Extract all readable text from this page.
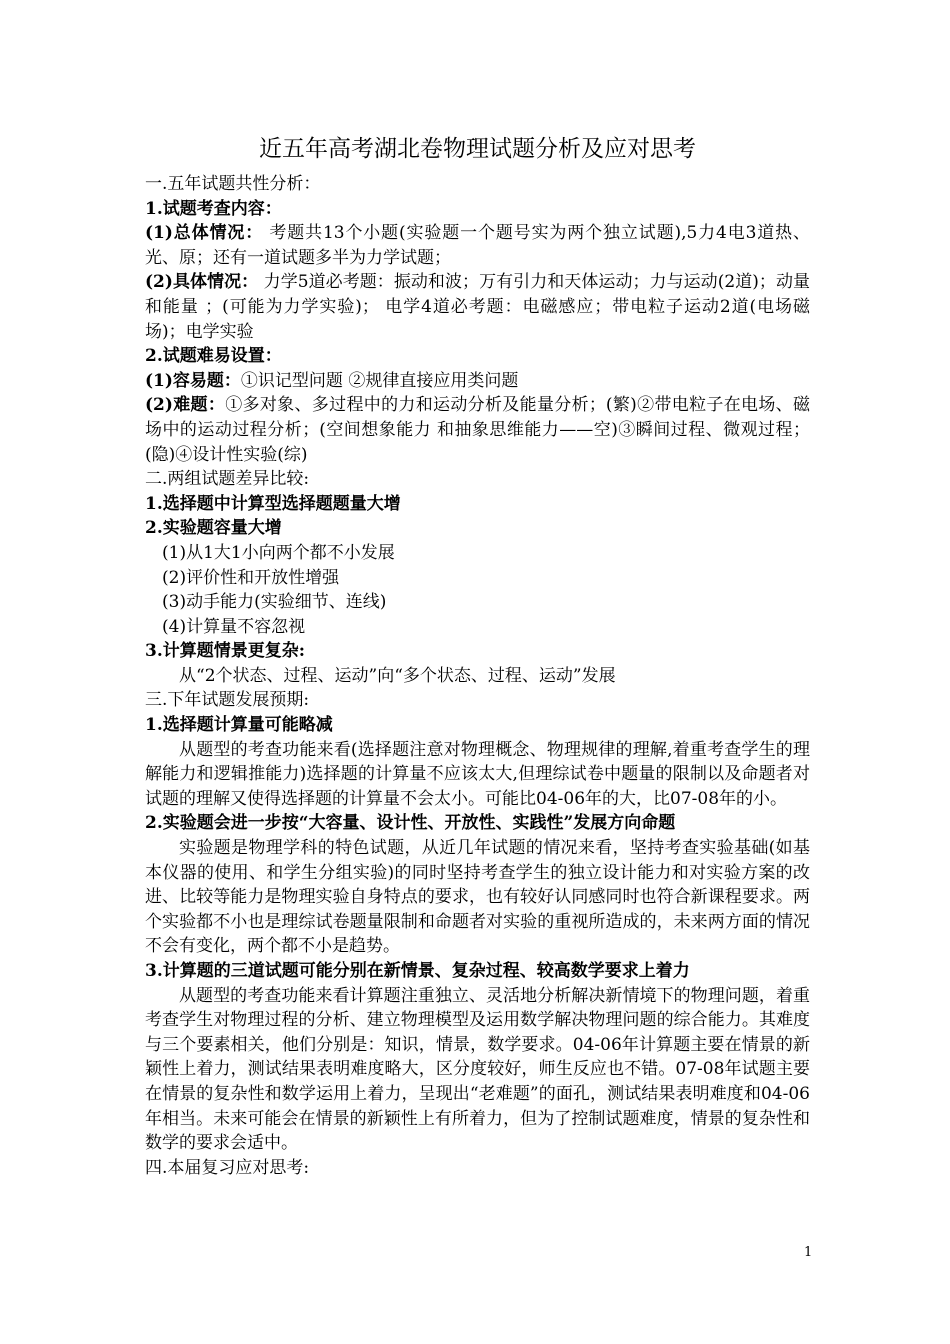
近五年高考湖北卷物理试题分析及应对思考

一.五年试题共性分析：

1.试题考查内容：

(1)总体情况： 考题共13个小题(实验题一个题号实为两个独立试题),5力4电3道热、光、原；还有一道试题多半为力学试题；

(2)具体情况： 力学5道必考题：振动和波；万有引力和天体运动；力与运动(2道)；动量和能量 ；(可能为力学实验)； 电学4道必考题：电磁感应；带电粒子运动2道(电场磁场)；电学实验

2.试题难易设置：

(1)容易题：①识记型问题 ②规律直接应用类问题

(2)难题：①多对象、多过程中的力和运动分析及能量分析；(繁)②带电粒子在电场、磁场中的运动过程分析；(空间想象能力 和抽象思维能力——空)③瞬间过程、微观过程； (隐)④设计性实验(综)

二.两组试题差异比较:

1.选择题中计算型选择题题量大增

2.实验题容量大增

(1)从1大1小向两个都不小发展

(2)评价性和开放性增强

(3)动手能力(实验细节、连线)

(4)计算量不容忽视

3.计算题情景更复杂:

从“2个状态、过程、运动”向“多个状态、过程、运动”发展

三.下年试题发展预期:

1.选择题计算量可能略减

从题型的考查功能来看(选择题注意对物理概念、物理规律的理解,着重考查学生的理解能力和逻辑推能力)选择题的计算量不应该太大,但理综试卷中题量的限制以及命题者对试题的理解又使得选择题的计算量不会太小。可能比04-06年的大，比07-08年的小。

2.实验题会进一步按“大容量、设计性、开放性、实践性”发展方向命题

实验题是物理学科的特色试题，从近几年试题的情况来看，坚持考查实验基础(如基本仪器的使用、和学生分组实验)的同时坚持考查学生的独立设计能力和对实验方案的改进、比较等能力是物理实验自身特点的要求，也有较好认同感同时也符合新课程要求。两个实验都不小也是理综试卷题量限制和命题者对实验的重视所造成的，未来两方面的情况不会有变化，两个都不小是趋势。

3.计算题的三道试题可能分别在新情景、复杂过程、较高数学要求上着力

从题型的考查功能来看计算题注重独立、灵活地分析解决新情境下的物理问题，着重考查学生对物理过程的分析、建立物理模型及运用数学解决物理问题的综合能力。其难度与三个要素相关，他们分别是：知识，情景，数学要求。04-06年计算题主要在情景的新颖性上着力，测试结果表明难度略大，区分度较好，师生反应也不错。07-08年试题主要在情景的复杂性和数学运用上着力，呈现出“老难题”的面孔，测试结果表明难度和04-06年相当。未来可能会在情景的新颖性上有所着力，但为了控制试题难度，情景的复杂性和数学的要求会适中。

四.本届复习应对思考:

1
